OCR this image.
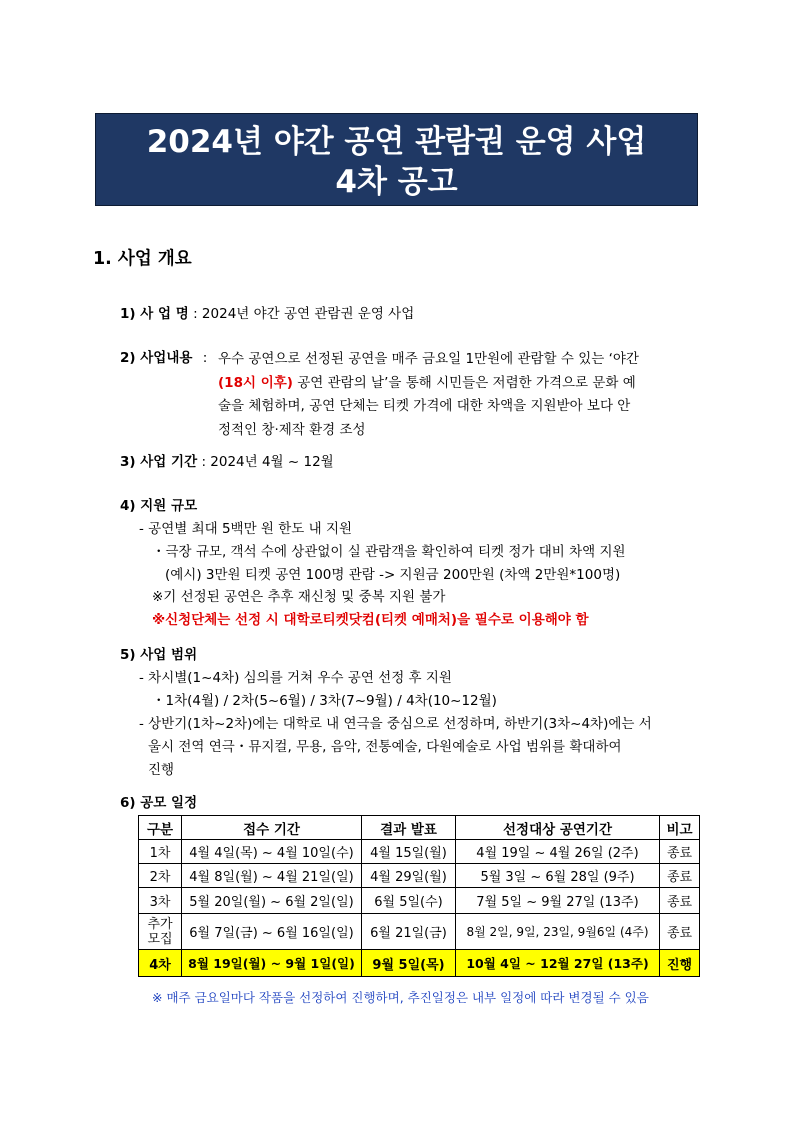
2024년 야간 공연 관람권 운영 사업
4차 공고
1. 사업 개요
1) 사 업 명 : 2024년 야간 공연 관람권 운영 사업
2) 사업내용 : 우수 공연으로 선정된 공연을 매주 금요일 1만원에 관람할 수 있는 ‘야간
(18시 이후) 공연 관람의 날’을 통해 시민들은 저렴한 가격으로 문화 예
술을 체험하며, 공연 단체는 티켓 가격에 대한 차액을 지원받아 보다 안
정적인 창·제작 환경 조성
3) 사업 기간 : 2024년 4월 ~ 12월
4) 지원 규모
- 공연별 최대 5백만 원 한도 내 지원
・극장 규모, 객석 수에 상관없이 실 관람객을 확인하여 티켓 정가 대비 차액 지원
(예시) 3만원 티켓 공연 100명 관람 -> 지원금 200만원 (차액 2만원*100명)
※기 선정된 공연은 추후 재신청 및 중복 지원 불가
※신청단체는 선정 시 대학로티켓닷컴(티켓 예매처)을 필수로 이용해야 함
5) 사업 범위
- 차시별(1~4차) 심의를 거쳐 우수 공연 선정 후 지원
・1차(4월) / 2차(5~6월) / 3차(7~9월) / 4차(10~12월)
- 상반기(1차~2차)에는 대학로 내 연극을 중심으로 선정하며, 하반기(3차~4차)에는 서
울시 전역 연극・뮤지컬, 무용, 음악, 전통예술, 다원예술로 사업 범위를 확대하여
진행
6) 공모 일정
구분	접수 기간	결과 발표	선정대상 공연기간	비고
1차	4월 4일(목) ~ 4월 10일(수)	4월 15일(월)	4월 19일 ~ 4월 26일 (2주)	종료
2차	4월 8일(월) ~ 4월 21일(일)	4월 29일(월)	5월 3일 ~ 6월 28일 (9주)	종료
3차	5월 20일(월) ~ 6월 2일(일)	6월 5일(수)	7월 5일 ~ 9월 27일 (13주)	종료

추가
모집	6월 7일(금) ~ 6월 16일(일)	6월 21일(금)	8월 2일, 9일, 23일, 9월6일 (4주)	종료
4차	8월 19일(월) ~ 9월 1일(일)	9월 5일(목)	10월 4일 ~ 12월 27일 (13주)	진행
※ 매주 금요일마다 작품을 선정하여 진행하며, 추진일정은 내부 일정에 따라 변경될 수 있음
